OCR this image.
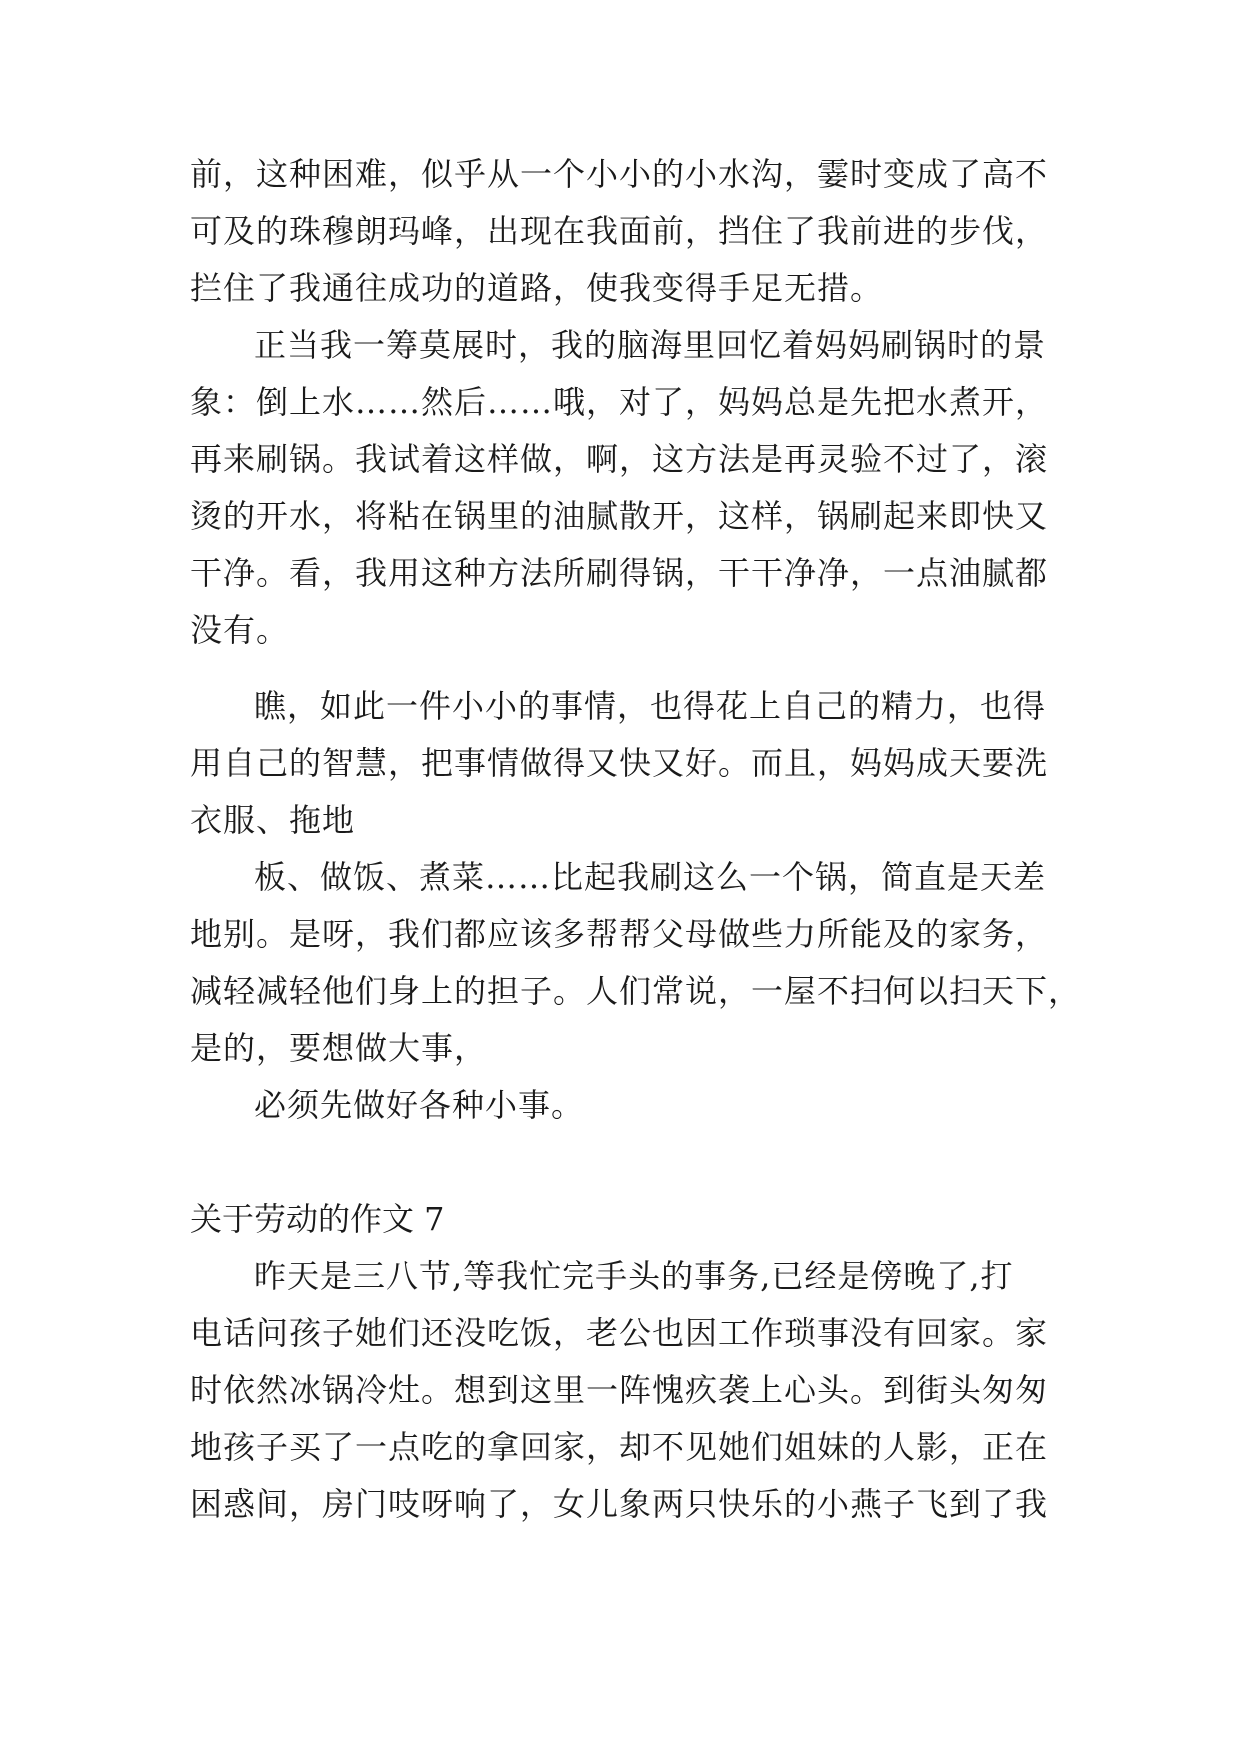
前，这种困难，似乎从一个小小的小水沟，霎时变成了高不
可及的珠穆朗玛峰，出现在我面前，挡住了我前进的步伐，
拦住了我通往成功的道路，使我变得手足无措。
正当我一筹莫展时，我的脑海里回忆着妈妈刷锅时的景
象：倒上水……然后……哦，对了，妈妈总是先把水煮开，
再来刷锅。我试着这样做，啊，这方法是再灵验不过了，滚
烫的开水，将粘在锅里的油腻散开，这样，锅刷起来即快又
干净。看，我用这种方法所刷得锅，干干净净，一点油腻都
没有。
瞧，如此一件小小的事情，也得花上自己的精力，也得
用自己的智慧，把事情做得又快又好。而且，妈妈成天要洗
衣服、拖地
板、做饭、煮菜……比起我刷这么一个锅，简直是天差
地别。是呀，我们都应该多帮帮父母做些力所能及的家务，
减轻减轻他们身上的担子。人们常说，一屋不扫何以扫天下，
是的，要想做大事，
必须先做好各种小事。
关于劳动的作文 7
昨天是三八节,等我忙完手头的事务,已经是傍晚了,打
电话问孩子她们还没吃饭，老公也因工作琐事没有回家。家
时依然冰锅冷灶。想到这里一阵愧疚袭上心头。到街头匆匆
地孩子买了一点吃的拿回家，却不见她们姐妹的人影，正在
困惑间，房门吱呀响了，女儿象两只快乐的小燕子飞到了我
